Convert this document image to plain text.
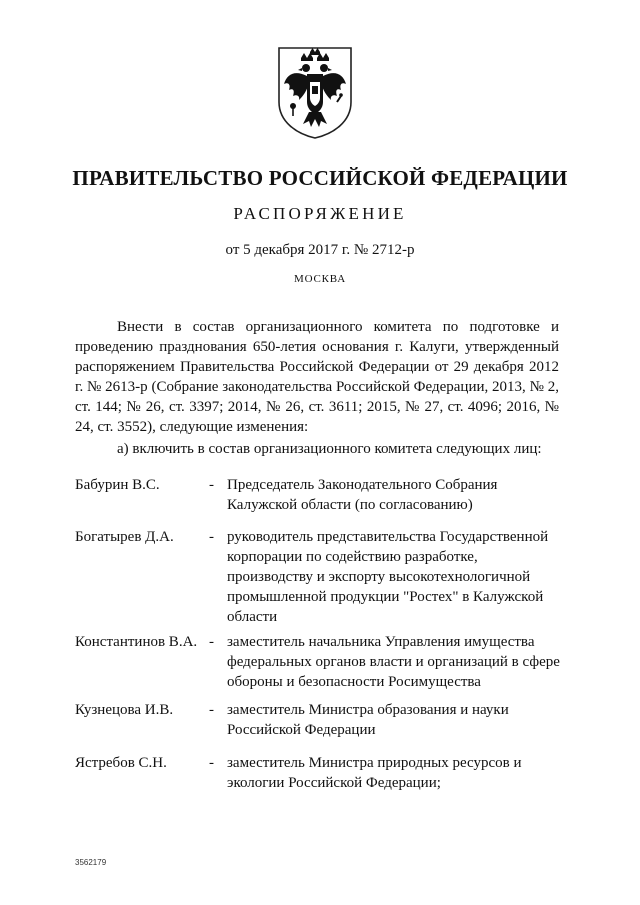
ПРАВИТЕЛЬСТВО РОССИЙСКОЙ ФЕДЕРАЦИИ
РАСПОРЯЖЕНИЕ
от 5 декабря 2017 г. № 2712-р
МОСКВА

Внести в состав организационного комитета по подготовке и проведению празднования 650-летия основания г. Калуги, утвержденный распоряжением Правительства Российской Федерации от 29 декабря 2012 г. № 2613-р (Собрание законодательства Российской Федерации, 2013, № 2, ст. 144; № 26, ст. 3397; 2014, № 26, ст. 3611; 2015, № 27, ст. 4096; 2016, № 24, ст. 3552), следующие изменения:

а) включить в состав организационного комитета следующих лиц:
Бабурин В.С.	- Председатель Законодательного Собрания Калужской области (по согласованию)
Богатырев Д.А.	- руководитель представительства Государственной корпорации по содействию разработке, производству и экспорту высокотехнологичной промышленной продукции "Ростех" в Калужской области
Константинов В.А. - заместитель начальника Управления имущества федеральных органов власти и организаций в сфере обороны и безопасности Росимущества
Кузнецова И.В.	- заместитель Министра образования и науки Российской Федерации
Ястребов С.Н.	- заместитель Министра природных ресурсов и экологии Российской Федерации;
3562179
